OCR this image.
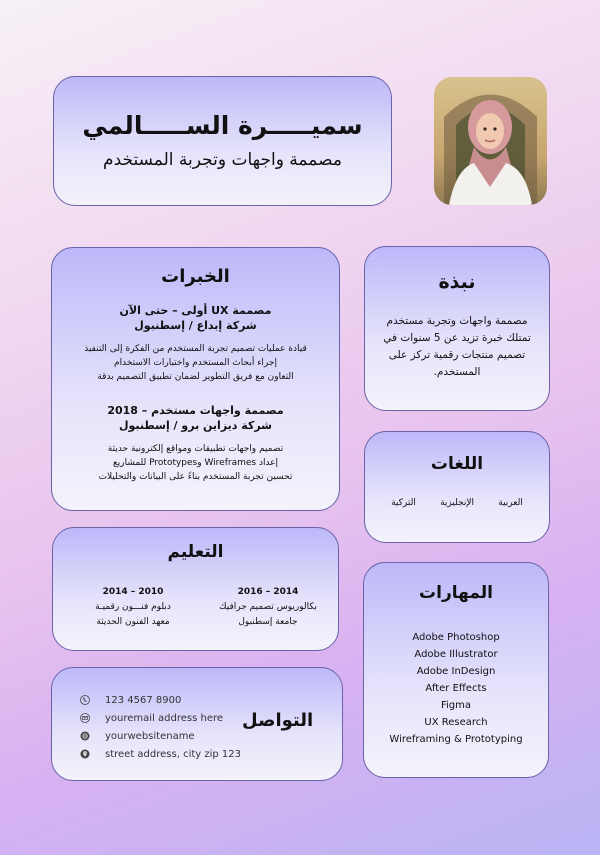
سميـــــرة الســـــالمي
مصممة واجهات وتجربة المستخدم
نبذة
مصممة واجهات وتجربة مستخدم تمتلك خبرة تزيد عن 5 سنوات في تصميم منتجات رقمية تركز على المستخدم.
الخبرات
مصممة UX أولى – حتى الآن
شركة إبداع / إسطنبول
قيادة عمليات تصميم تجربة المستخدم من الفكرة إلى التنفيذ
إجراء أبحاث المستخدم واختبارات الاستخدام
التعاون مع فريق التطوير لضمان تطبيق التصميم بدقة
مصممة واجهات مستخدم – 2018
شركة ديزاين برو / إسطنبول
تصميم واجهات تطبيقات ومواقع إلكترونية حديثة
إعداد Wireframes وPrototypes للمشاريع
تحسين تجربة المستخدم بناءً على البيانات والتحليلات
اللغات
العربية
الإنجليزية
التركية
التعليم
2016 – 2014
بكالوريوس تصميم جرافيك
جامعة إسطنبول
2014 – 2010
دبلوم فنـــون رقميـة
معهد الفنون الحديثة
المهارات
Adobe Photoshop
Adobe Illustrator
Adobe InDesign
After Effects
Figma
UX Research
Wireframing & Prototyping
التواصل
123 4567 8900
youremail address here
yourwebsitename
street address, city zip 123
